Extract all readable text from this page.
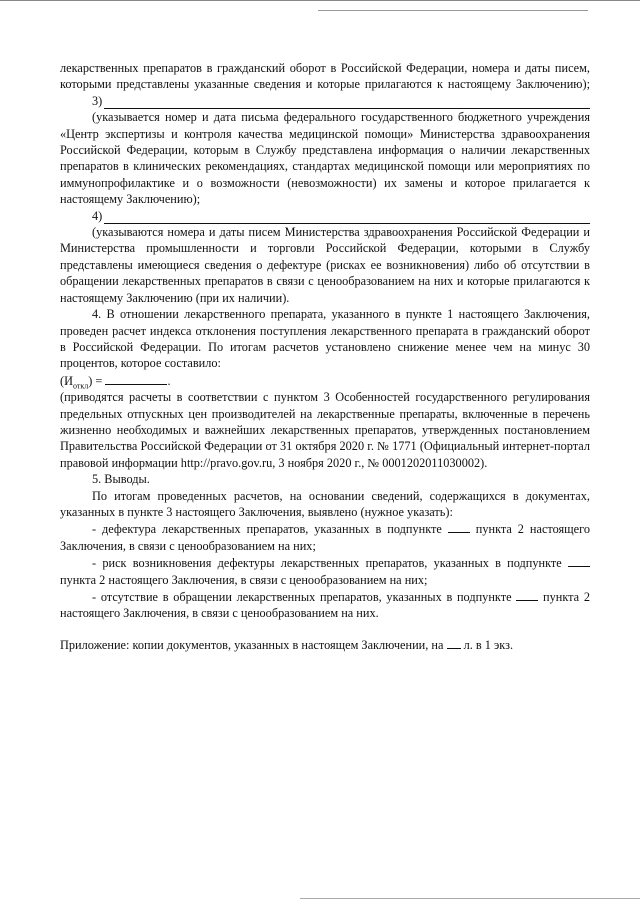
лекарственных препаратов в гражданский оборот в Российской Федерации, номера и даты писем, которыми представлены указанные сведения и которые прилагаются к настоящему Заключению);

3)

(указывается номер и дата письма федерального государственного бюджетного учреждения «Центр экспертизы и контроля качества медицинской помощи» Министерства здравоохранения Российской Федерации, которым в Службу представлена информация о наличии лекарственных препаратов в клинических рекомендациях, стандартах медицинской помощи или мероприятиях по иммунопрофилактике и о возможности (невозможности) их замены и которое прилагается к настоящему Заключению);

4)

(указываются номера и даты писем Министерства здравоохранения Российской Федерации и Министерства промышленности и торговли Российской Федерации, которыми в Службу представлены имеющиеся сведения о дефектуре (рисках ее возникновения) либо об отсутствии в обращении лекарственных препаратов в связи с ценообразованием на них и которые прилагаются к настоящему Заключению (при их наличии).

4. В отношении лекарственного препарата, указанного в пункте 1 настоящего Заключения, проведен расчет индекса отклонения поступления лекарственного препарата в гражданский оборот в Российской Федерации. По итогам расчетов установлено снижение менее чем на минус 30 процентов, которое составило:

$(И_{откл})$ =	.

(приводятся расчеты в соответствии с пунктом 3 Особенностей государственного регулирования предельных отпускных цен производителей на лекарственные препараты, включенные в перечень жизненно необходимых и важнейших лекарственных препаратов, утвержденных постановлением Правительства Российской Федерации от 31 октября 2020 г. № 1771 (Официальный интернет-портал правовой информации http://pravo.gov.ru, 3 ноября 2020 г., № 0001202011030002).

5. Выводы.

По итогам проведенных расчетов, на основании сведений, содержащихся в документах, указанных в пункте 3 настоящего Заключения, выявлено (нужное указать):

- дефектура лекарственных препаратов, указанных в подпункте  пункта 2 настоящего Заключения, в связи с ценообразованием на них;

- риск возникновения дефектуры лекарственных препаратов, указанных в подпункте  пункта 2 настоящего Заключения, в связи с ценообразованием на них;

- отсутствие в обращении лекарственных препаратов, указанных в подпункте  пункта 2 настоящего Заключения, в связи с ценообразованием на них.

Приложение: копии документов, указанных в настоящем Заключении, на  л. в 1 экз.
